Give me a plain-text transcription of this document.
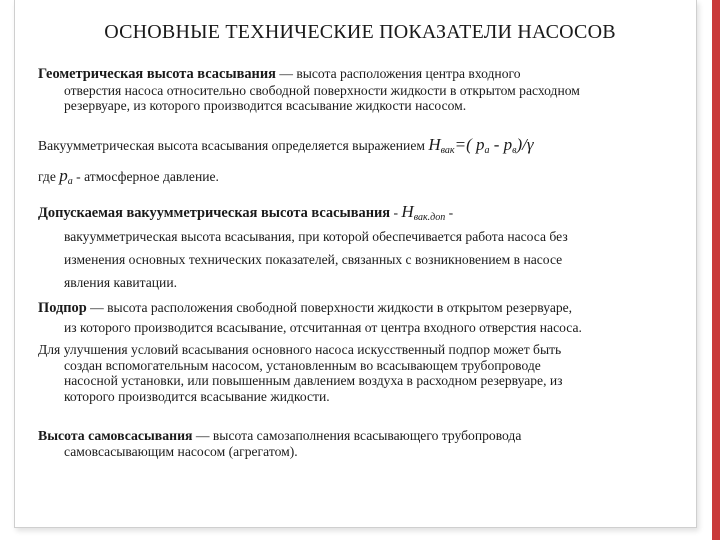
ОСНОВНЫЕ ТЕХНИЧЕСКИЕ ПОКАЗАТЕЛИ НАСОСОВ
Геометрическая высота всасывания — высота расположения центра входного
отверстия насоса относительно свободной поверхности жидкости в открытом расходном
резервуаре, из которого производится всасывание жидкости насосом.
Вакуумметрическая высота всасывания определяется выражением $H_{вак}=$( $p_a - p_в)/\gamma$
где $p_a$ - атмосферное давление.
Допускаемая вакуумметрическая высота всасывания - $H_{вак.доп}$ -
вакуумметрическая высота всасывания, при которой обеспечивается работа насоса без
изменения основных технических показателей, связанных с возникновением в насосе
явления кавитации.
Подпор — высота расположения свободной поверхности жидкости в открытом резервуаре,
из которого производится всасывание, отсчитанная от центра входного отверстия насоса.
Для улучшения условий всасывания основного насоса искусственный подпор может быть
создан вспомогательным насосом, установленным во всасывающем трубопроводе
насосной установки, или повышенным давлением воздуха в расходном резервуаре, из
которого производится всасывание жидкости.
Высота самовсасывания — высота самозаполнения всасывающего трубопровода
самовсасывающим насосом (агрегатом).
